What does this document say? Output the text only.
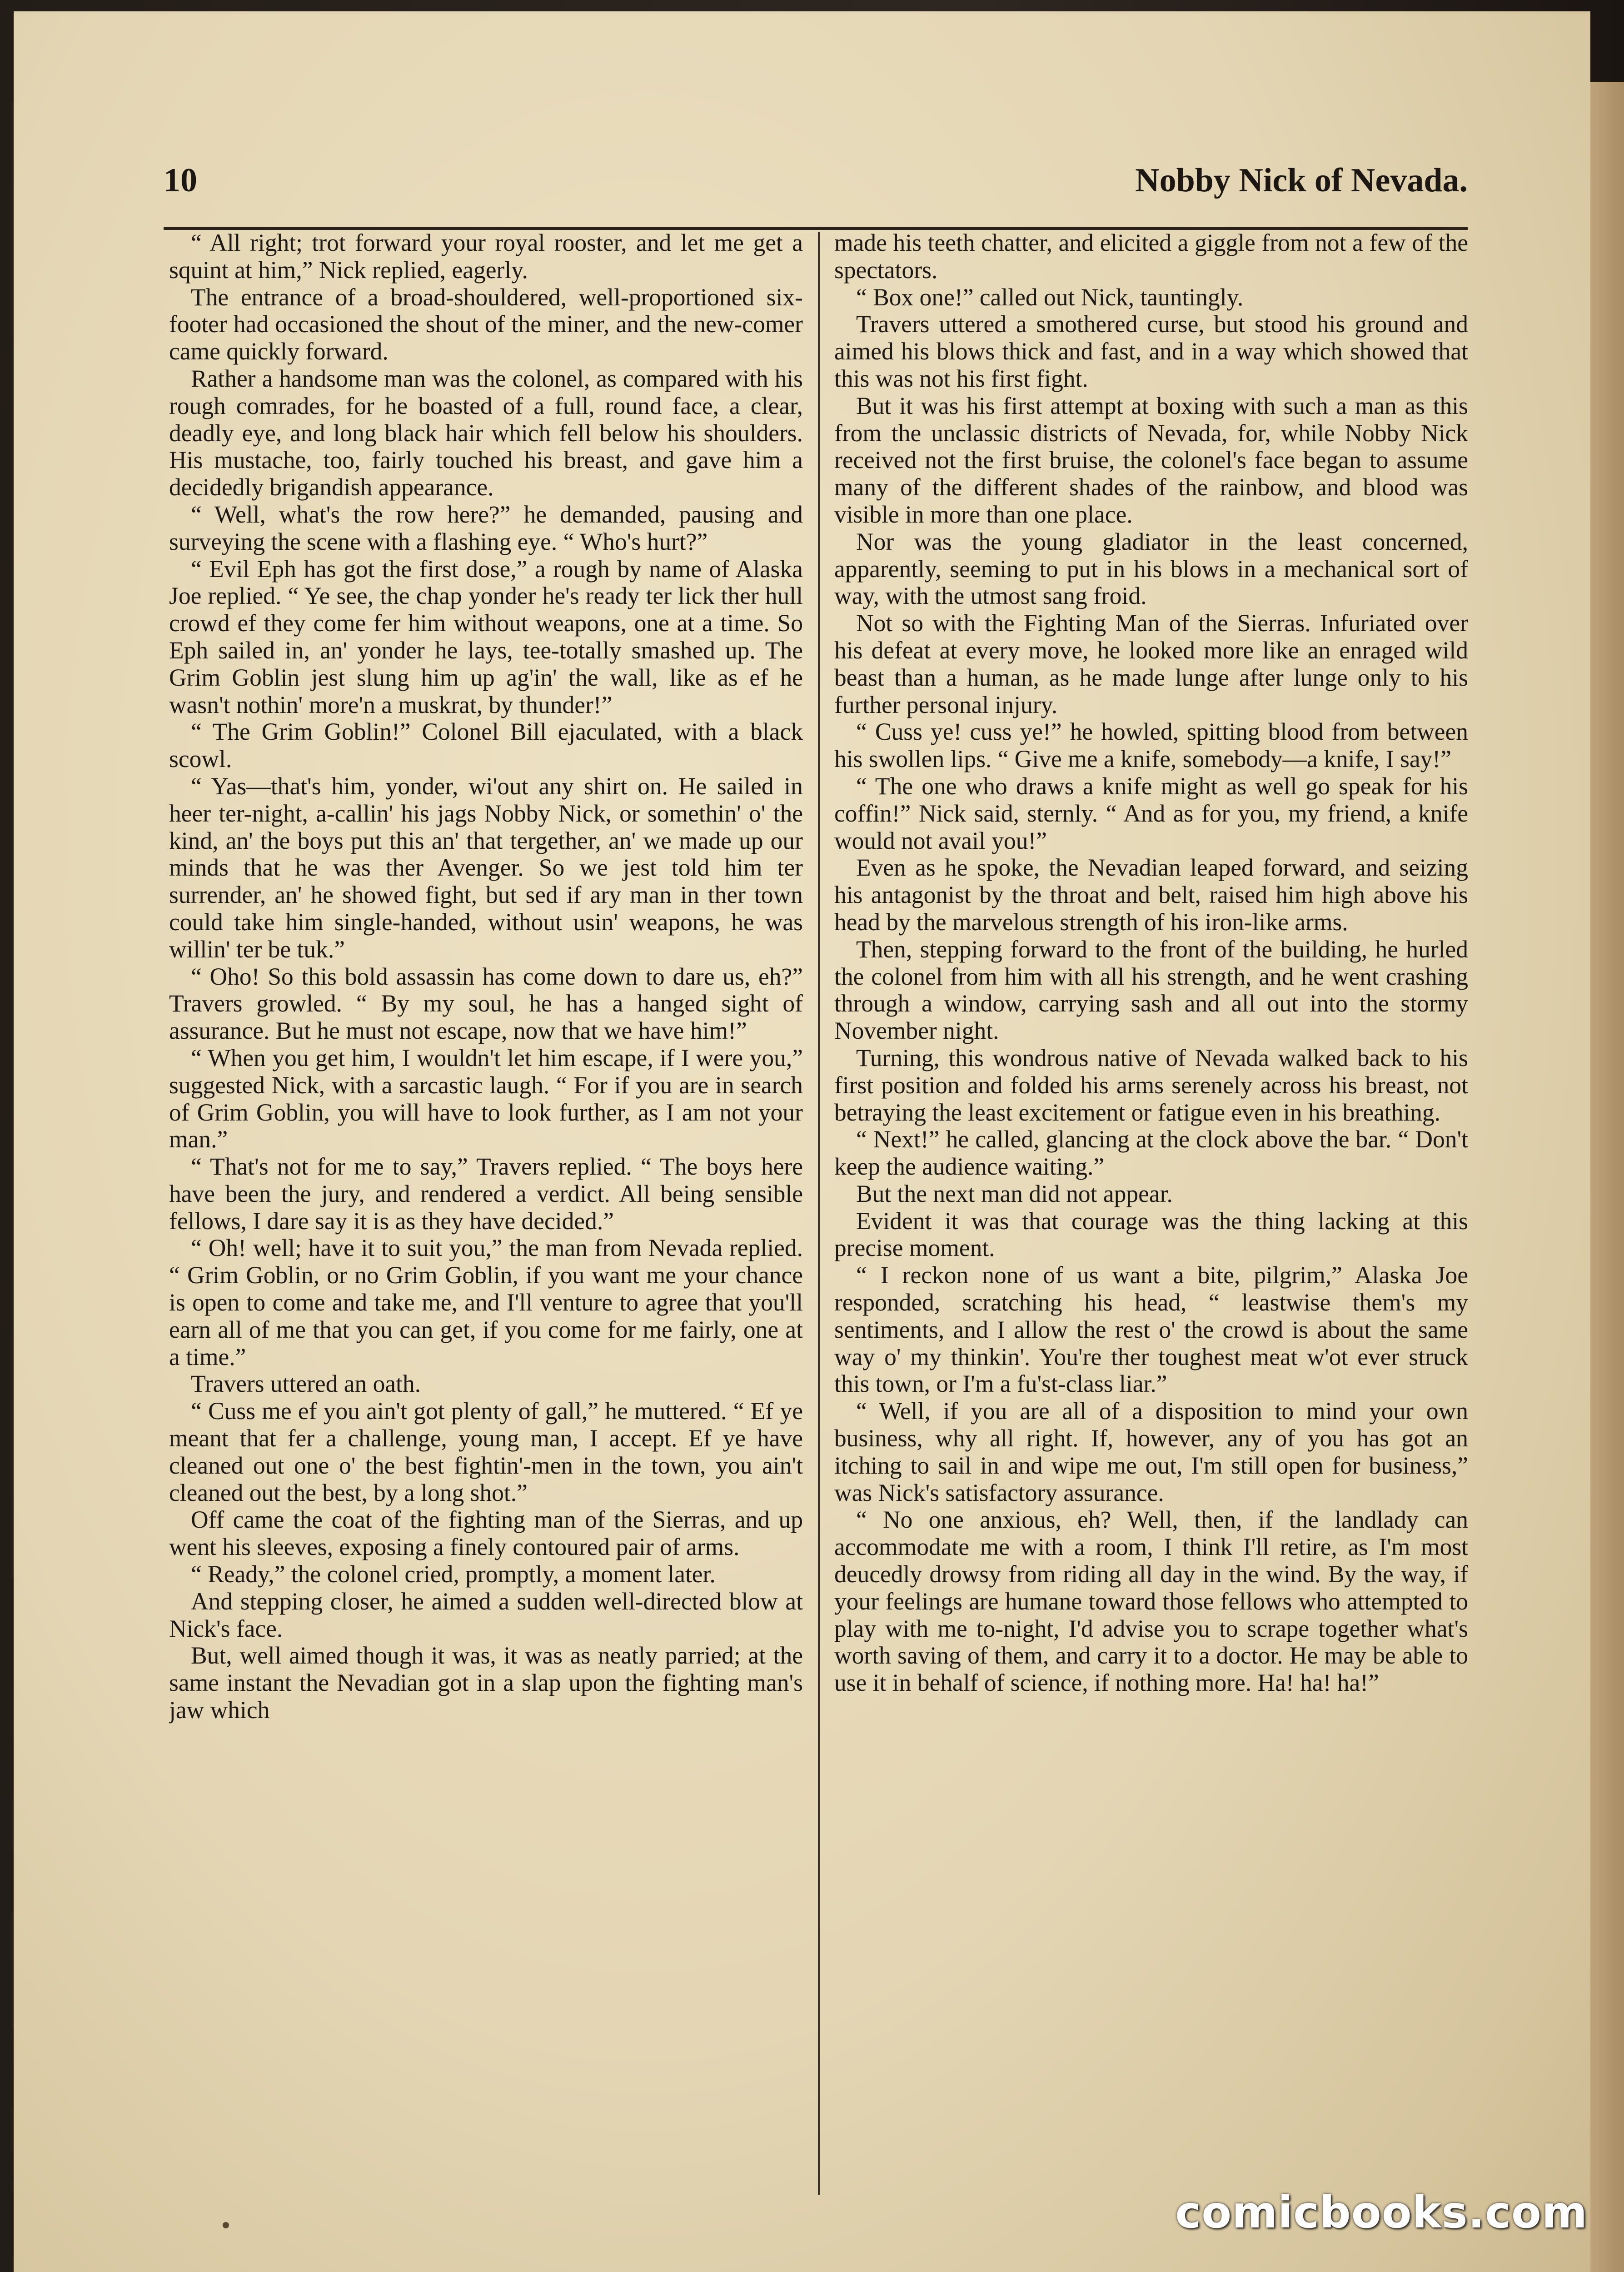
10	Nobby Nick of Nevada.

“ All right; trot forward your royal rooster, and let me get a squint at him,” Nick replied, eagerly.

The entrance of a broad-shouldered, well-proportioned six-footer had occasioned the shout of the miner, and the new-comer came quickly forward.

Rather a handsome man was the colonel, as compared with his rough comrades, for he boasted of a full, round face, a clear, deadly eye, and long black hair which fell below his shoulders. His mustache, too, fairly touched his breast, and gave him a decidedly brigandish appearance.

“ Well, what's the row here?” he demanded, pausing and surveying the scene with a flashing eye. “ Who's hurt?”

“ Evil Eph has got the first dose,” a rough by name of Alaska Joe replied. “ Ye see, the chap yonder he's ready ter lick ther hull crowd ef they come fer him without weapons, one at a time. So Eph sailed in, an' yonder he lays, tee-totally smashed up. The Grim Goblin jest slung him up ag'in' the wall, like as ef he wasn't nothin' more'n a muskrat, by thunder!”

“ The Grim Goblin!” Colonel Bill ejaculated, with a black scowl.

“ Yas—that's him, yonder, wi'out any shirt on. He sailed in heer ter-night, a-callin' his jags Nobby Nick, or somethin' o' the kind, an' the boys put this an' that tergether, an' we made up our minds that he was ther Avenger. So we jest told him ter surrender, an' he showed fight, but sed if ary man in ther town could take him single-handed, without usin' weapons, he was willin' ter be tuk.”

“ Oho! So this bold assassin has come down to dare us, eh?” Travers growled. “ By my soul, he has a hanged sight of assurance. But he must not escape, now that we have him!”

“ When you get him, I wouldn't let him escape, if I were you,” suggested Nick, with a sarcastic laugh. “ For if you are in search of Grim Goblin, you will have to look further, as I am not your man.”

“ That's not for me to say,” Travers replied. “ The boys here have been the jury, and rendered a verdict. All being sensible fellows, I dare say it is as they have decided.”

“ Oh! well; have it to suit you,” the man from Nevada replied. “ Grim Goblin, or no Grim Goblin, if you want me your chance is open to come and take me, and I'll venture to agree that you'll earn all of me that you can get, if you come for me fairly, one at a time.”

Travers uttered an oath.

“ Cuss me ef you ain't got plenty of gall,” he muttered. “ Ef ye meant that fer a challenge, young man, I accept. Ef ye have cleaned out one o' the best fightin'-men in the town, you ain't cleaned out the best, by a long shot.”

Off came the coat of the fighting man of the Sierras, and up went his sleeves, exposing a finely contoured pair of arms.

“ Ready,” the colonel cried, promptly, a moment later.

And stepping closer, he aimed a sudden well-directed blow at Nick's face.

But, well aimed though it was, it was as neatly parried; at the same instant the Nevadian got in a slap upon the fighting man's jaw which

made his teeth chatter, and elicited a giggle from not a few of the spectators.

“ Box one!” called out Nick, tauntingly.

Travers uttered a smothered curse, but stood his ground and aimed his blows thick and fast, and in a way which showed that this was not his first fight.

But it was his first attempt at boxing with such a man as this from the unclassic districts of Nevada, for, while Nobby Nick received not the first bruise, the colonel's face began to assume many of the different shades of the rainbow, and blood was visible in more than one place.

Nor was the young gladiator in the least concerned, apparently, seeming to put in his blows in a mechanical sort of way, with the utmost sang froid.

Not so with the Fighting Man of the Sierras. Infuriated over his defeat at every move, he looked more like an enraged wild beast than a human, as he made lunge after lunge only to his further personal injury.

“ Cuss ye! cuss ye!” he howled, spitting blood from between his swollen lips. “ Give me a knife, somebody—a knife, I say!”

“ The one who draws a knife might as well go speak for his coffin!” Nick said, sternly. “ And as for you, my friend, a knife would not avail you!”

Even as he spoke, the Nevadian leaped forward, and seizing his antagonist by the throat and belt, raised him high above his head by the marvelous strength of his iron-like arms.

Then, stepping forward to the front of the building, he hurled the colonel from him with all his strength, and he went crashing through a window, carrying sash and all out into the stormy November night.

Turning, this wondrous native of Nevada walked back to his first position and folded his arms serenely across his breast, not betraying the least excitement or fatigue even in his breathing.

“ Next!” he called, glancing at the clock above the bar. “ Don't keep the audience waiting.”

But the next man did not appear.

Evident it was that courage was the thing lacking at this precise moment.

“ I reckon none of us want a bite, pilgrim,” Alaska Joe responded, scratching his head, “ leastwise them's my sentiments, and I allow the rest o' the crowd is about the same way o' my thinkin'. You're ther toughest meat w'ot ever struck this town, or I'm a fu'st-class liar.”

“ Well, if you are all of a disposition to mind your own business, why all right. If, however, any of you has got an itching to sail in and wipe me out, I'm still open for business,” was Nick's satisfactory assurance.

“ No one anxious, eh? Well, then, if the landlady can accommodate me with a room, I think I'll retire, as I'm most deucedly drowsy from riding all day in the wind. By the way, if your feelings are humane toward those fellows who attempted to play with me to-night, I'd advise you to scrape together what's worth saving of them, and carry it to a doctor. He may be able to use it in behalf of science, if nothing more. Ha! ha! ha!”

comicbooks.com
